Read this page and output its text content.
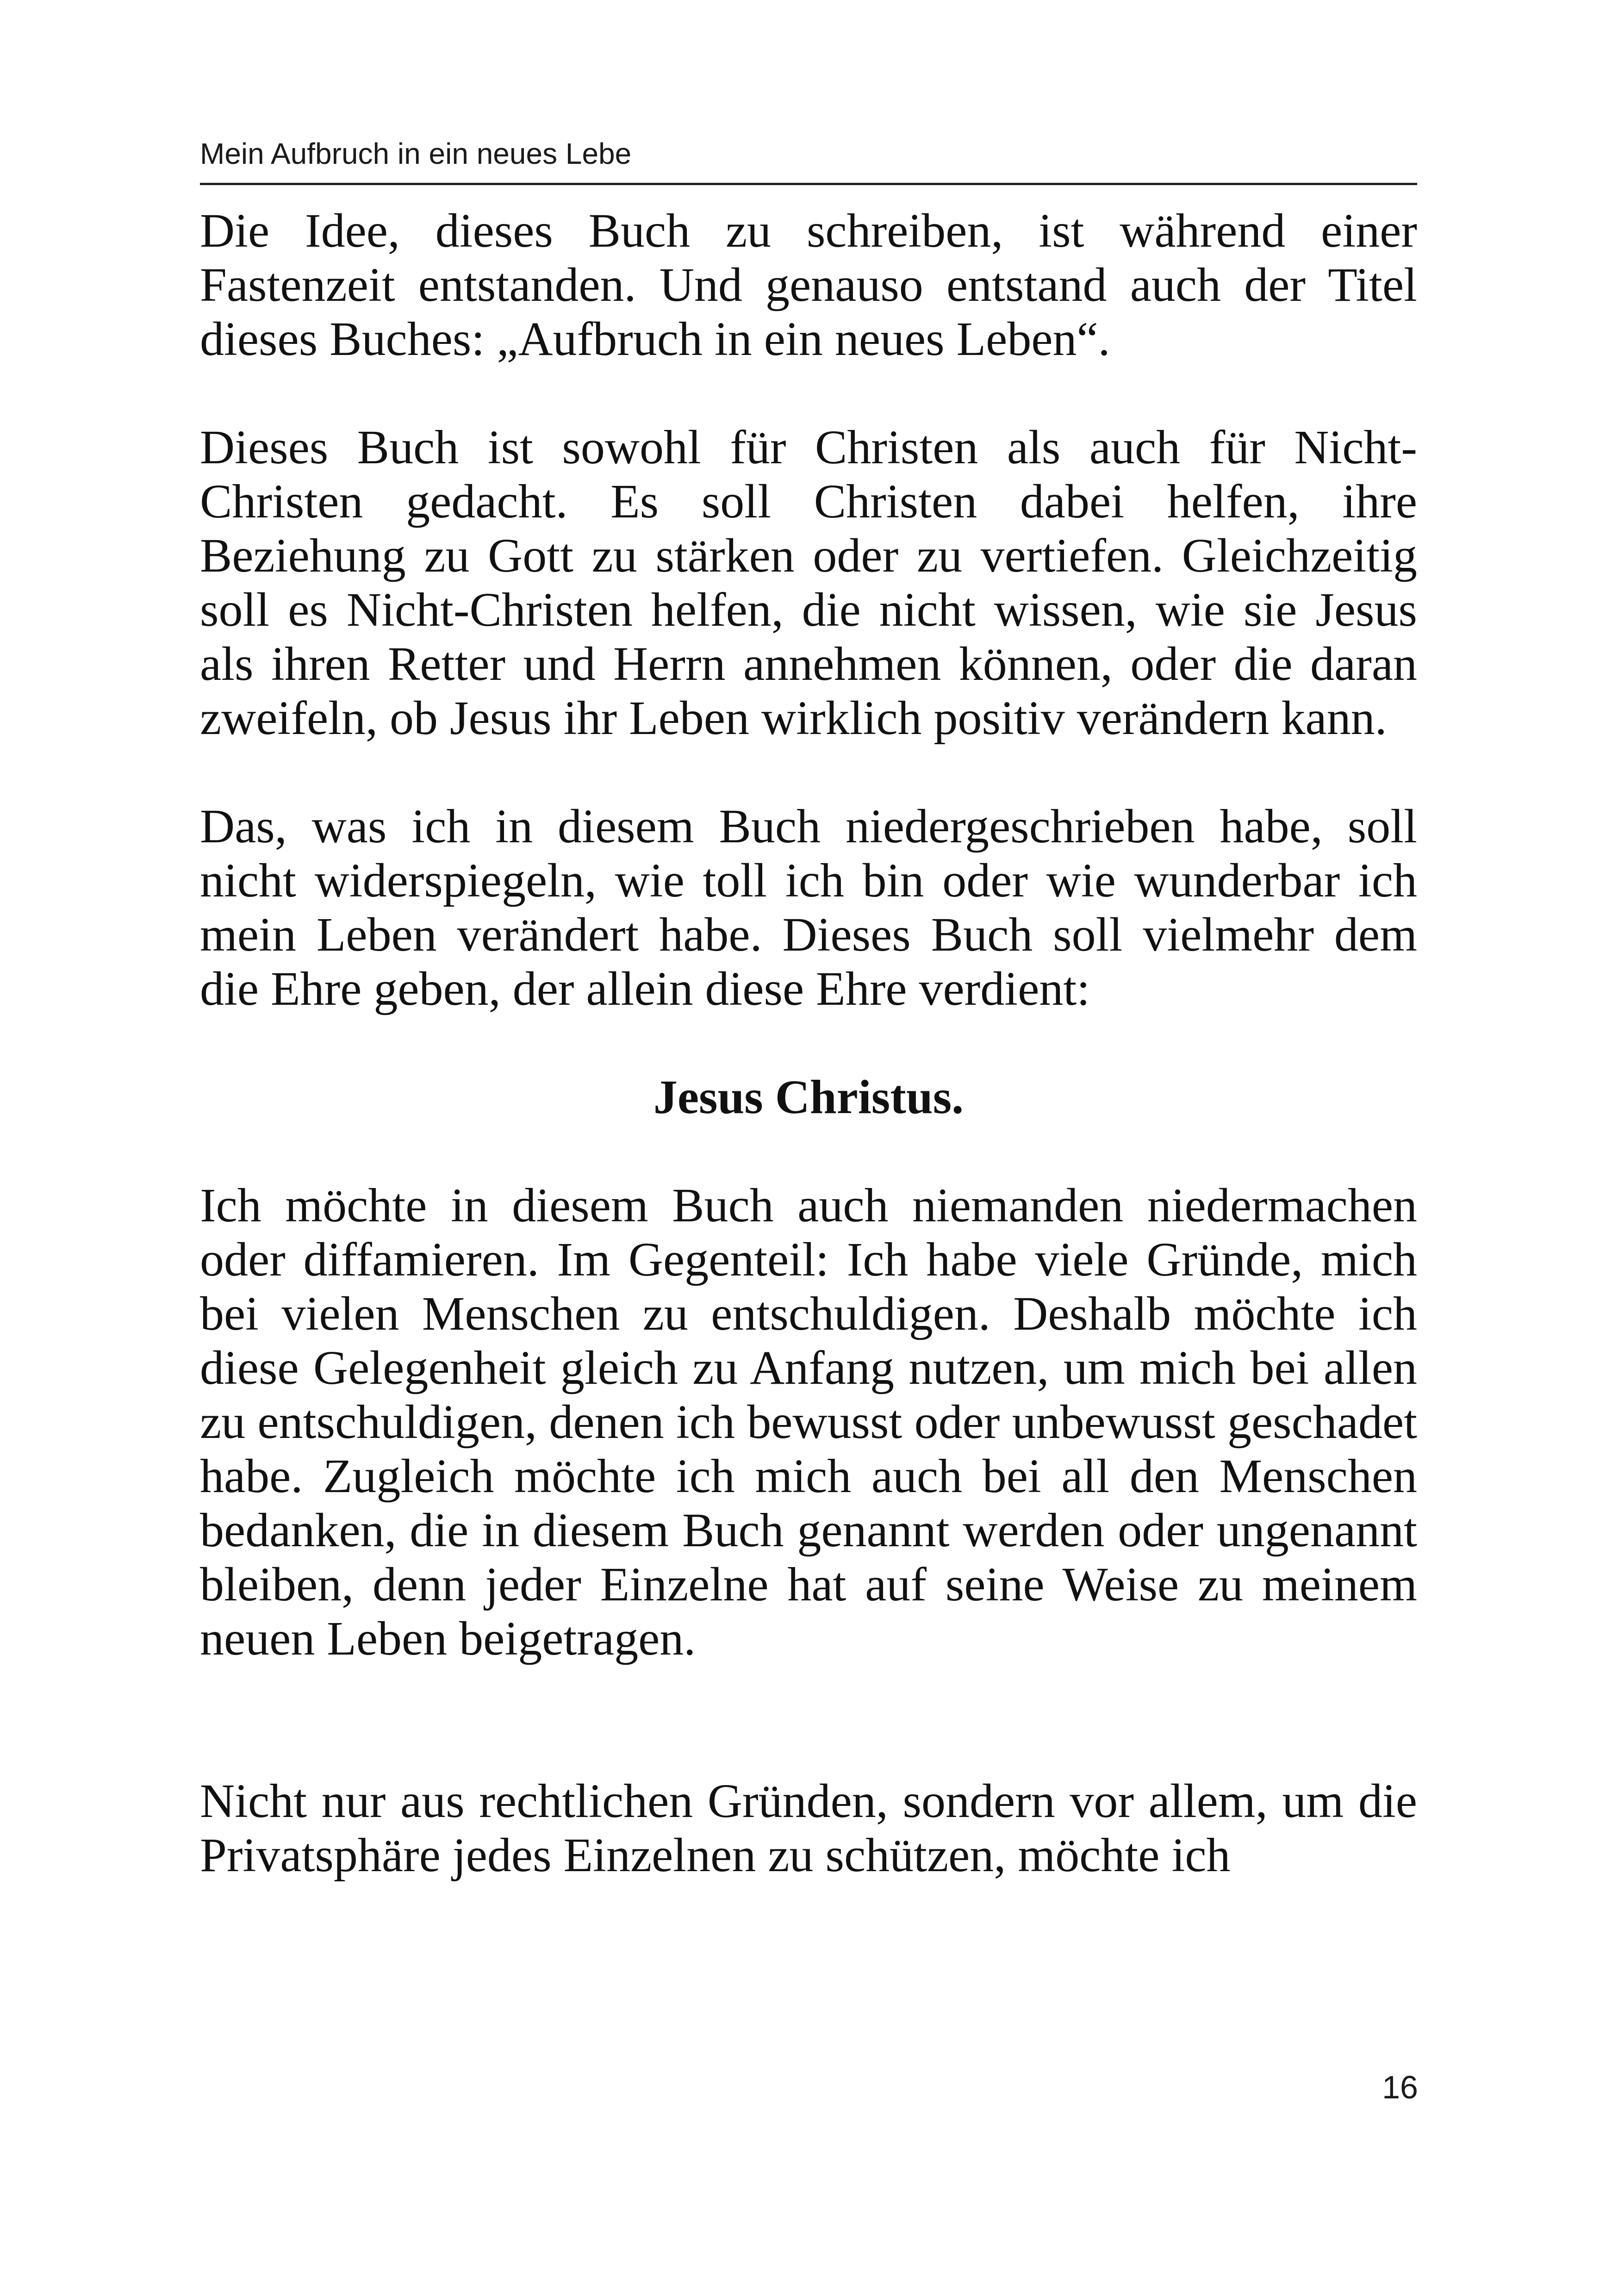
Mein Aufbruch in ein neues Lebe

Die Idee, dieses Buch zu schreiben, ist während einer Fastenzeit entstanden. Und genauso entstand auch der Titel dieses Buches: „Aufbruch in ein neues Leben“.

Dieses Buch ist sowohl für Christen als auch für Nicht-Christen gedacht. Es soll Christen dabei helfen, ihre Beziehung zu Gott zu stärken oder zu vertiefen. Gleichzeitig soll es Nicht-Christen helfen, die nicht wissen, wie sie Jesus als ihren Retter und Herrn annehmen können, oder die daran zweifeln, ob Jesus ihr Leben wirklich positiv verändern kann.

Das, was ich in diesem Buch niedergeschrieben habe, soll nicht widerspiegeln, wie toll ich bin oder wie wunderbar ich mein Leben verändert habe. Dieses Buch soll vielmehr dem die Ehre geben, der allein diese Ehre verdient:

Jesus Christus.

Ich möchte in diesem Buch auch niemanden niedermachen oder diffamieren. Im Gegenteil: Ich habe viele Gründe, mich bei vielen Menschen zu entschuldigen. Deshalb möchte ich diese Gelegenheit gleich zu Anfang nutzen, um mich bei allen zu entschuldigen, denen ich bewusst oder unbewusst geschadet habe. Zugleich möchte ich mich auch bei all den Menschen bedanken, die in diesem Buch genannt werden oder ungenannt bleiben, denn jeder Einzelne hat auf seine Weise zu meinem neuen Leben beigetragen.

Nicht nur aus rechtlichen Gründen, sondern vor allem, um die Privatsphäre jedes Einzelnen zu schützen, möchte ich

16
